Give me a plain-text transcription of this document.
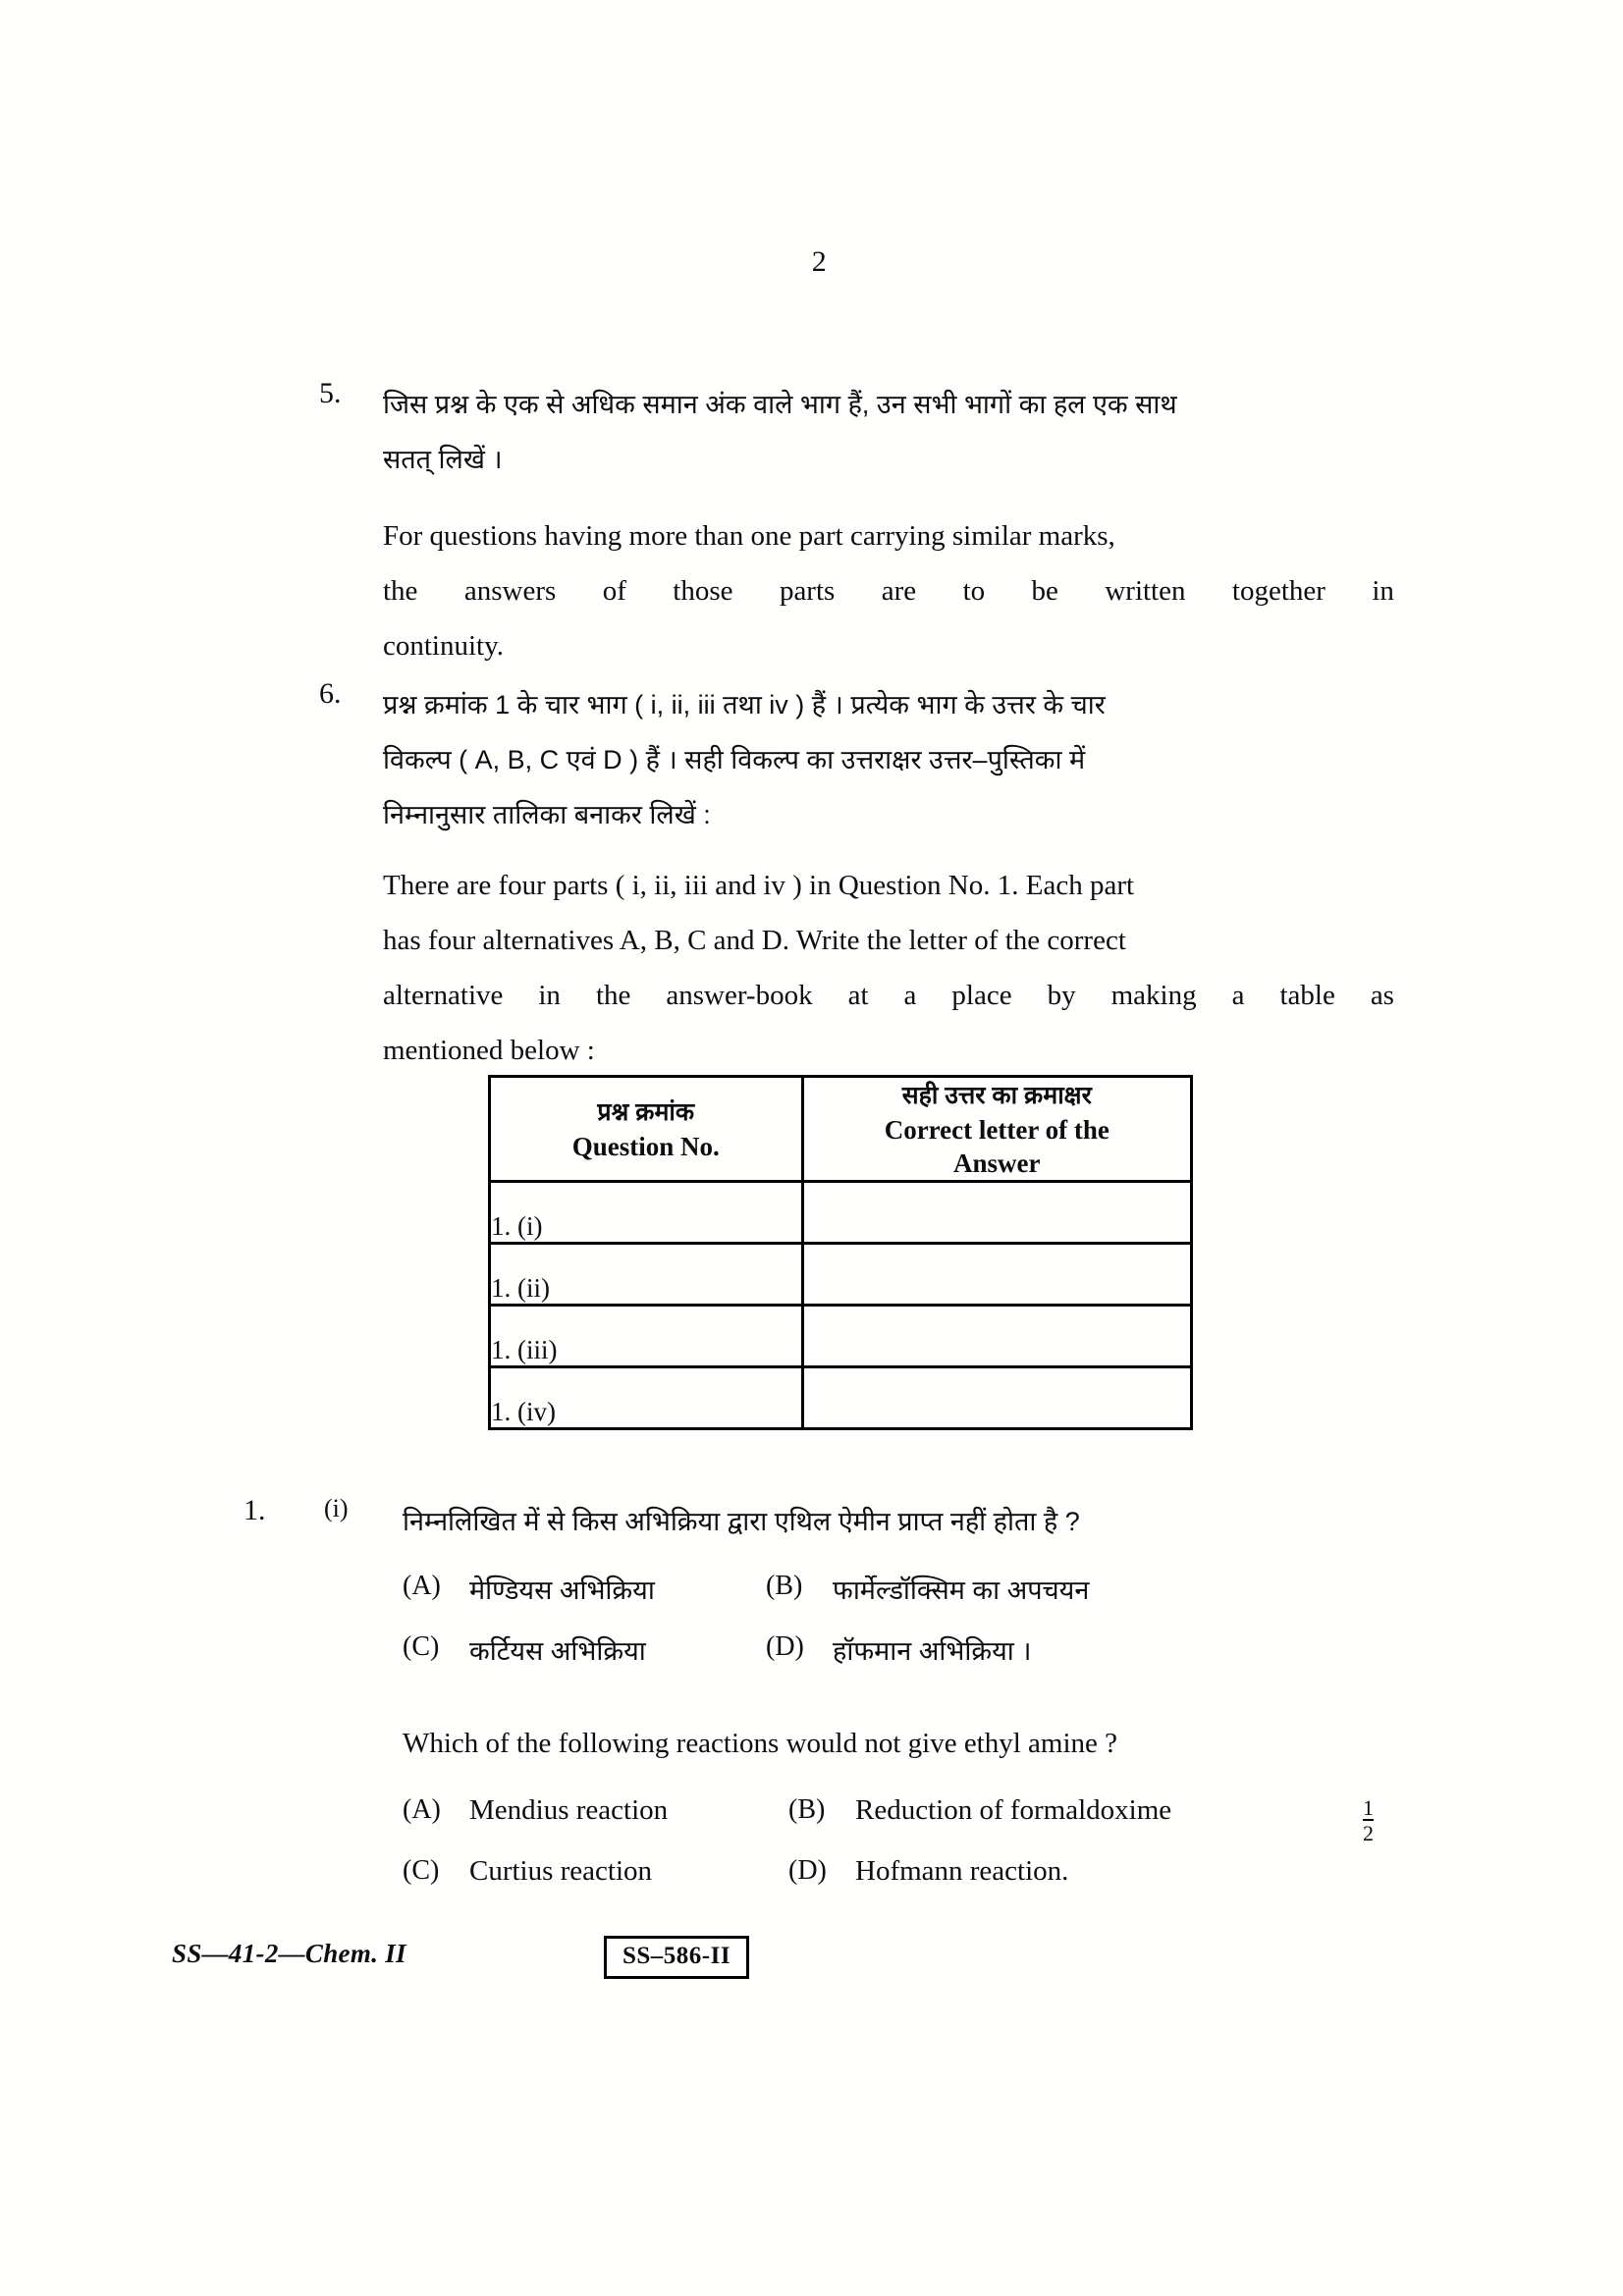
2
5.	जिस प्रश्न के एक से अधिक समान अंक वाले भाग हैं, उन सभी भागों का हल एक साथ
सतत् लिखें ।
For questions having more than one part carrying similar marks,
the answers of those parts are to be written together in
continuity.
6.	प्रश्न क्रमांक 1 के चार भाग ( i, ii, iii तथा iv ) हैं । प्रत्येक भाग के उत्तर के चार
विकल्प ( A, B, C एवं D ) हैं । सही विकल्प का उत्तराक्षर उत्तर–पुस्तिका में
निम्नानुसार तालिका बनाकर लिखें :
There are four parts ( i, ii, iii and iv ) in Question No. 1. Each part
has four alternatives A, B, C and D. Write the letter of the correct
alternative in the answer-book at a place by making a table as
mentioned below :
प्रश्न क्रमांक
Question No.

सही उत्तर का क्रमाक्षर
Correct letter of the
Answer

1. (i)	
1. (ii)	
1. (iii)	
1. (iv)	
1. (i) निम्नलिखित में से किस अभिक्रिया द्वारा एथिल ऐमीन प्राप्त नहीं होता है ?
(A)	मेण्डियस अभिक्रिया	(B)	फार्मेल्डॉक्सिम का अपचयन
(C)	कर्टियस अभिक्रिया	(D)	हॉफमान अभिक्रिया ।
Which of the following reactions would not give ethyl amine ?
(A)	Mendius reaction	(B)	Reduction of formaldoxime
(C)	Curtius reaction	(D)	Hofmann reaction.
$\frac{1}{2}$
SS—41-2—Chem. II	SS–586-II
